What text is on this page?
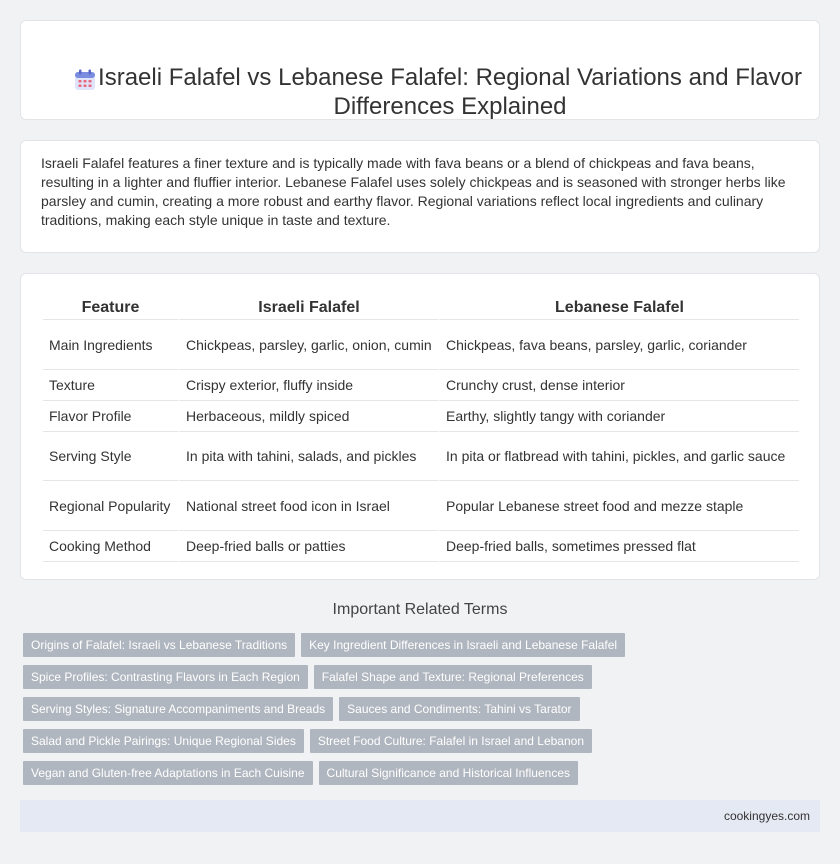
Israeli Falafel vs Lebanese Falafel: Regional Variations and Flavor Differences Explained

Israeli Falafel features a finer texture and is typically made with fava beans or a blend of chickpeas and fava beans, resulting in a lighter and fluffier interior. Lebanese Falafel uses solely chickpeas and is seasoned with stronger herbs like parsley and cumin, creating a more robust and earthy flavor. Regional variations reflect local ingredients and culinary traditions, making each style unique in taste and texture.

Feature	Israeli Falafel	Lebanese Falafel
Main Ingredients	Chickpeas, parsley, garlic, onion, cumin	Chickpeas, fava beans, parsley, garlic, coriander
Texture	Crispy exterior, fluffy inside	Crunchy crust, dense interior
Flavor Profile	Herbaceous, mildly spiced	Earthy, slightly tangy with coriander
Serving Style	In pita with tahini, salads, and pickles	In pita or flatbread with tahini, pickles, and garlic sauce
Regional Popularity	National street food icon in Israel	Popular Lebanese street food and mezze staple
Cooking Method	Deep-fried balls or patties	Deep-fried balls, sometimes pressed flat
Important Related Terms
Origins of Falafel: Israeli vs Lebanese Traditions	Key Ingredient Differences in Israeli and Lebanese Falafel
Spice Profiles: Contrasting Flavors in Each Region	Falafel Shape and Texture: Regional Preferences
Serving Styles: Signature Accompaniments and Breads	Sauces and Condiments: Tahini vs Tarator
Salad and Pickle Pairings: Unique Regional Sides	Street Food Culture: Falafel in Israel and Lebanon
Vegan and Gluten-free Adaptations in Each Cuisine	Cultural Significance and Historical Influences
cookingyes.com
